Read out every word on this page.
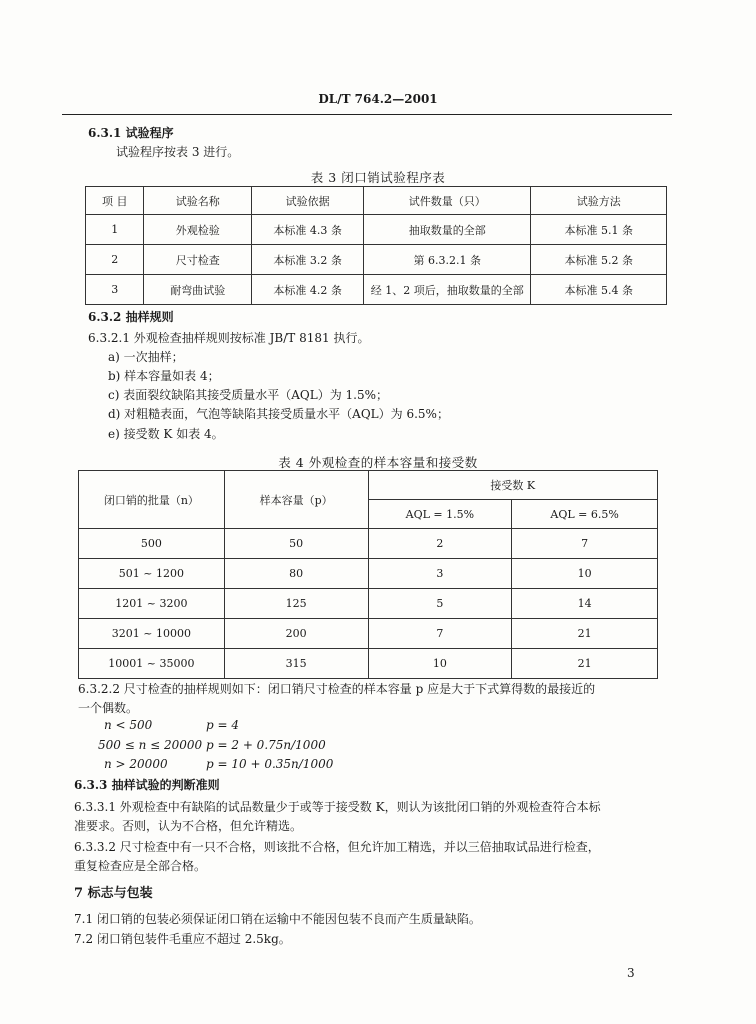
DL/T 764.2—2001
6.3.1 试验程序
试验程序按表 3 进行。
表 3 闭口销试验程序表
项 目	试验名称	试验依据	试件数量（只）	试验方法
1	外观检验	本标准 4.3 条	抽取数量的全部	本标准 5.1 条
2	尺寸检查	本标准 3.2 条	第 6.3.2.1 条	本标准 5.2 条
3	耐弯曲试验	本标准 4.2 条	经 1、2 项后，抽取数量的全部	本标准 5.4 条
6.3.2 抽样规则
6.3.2.1 外观检查抽样规则按标准 JB/T 8181 执行。
a) 一次抽样；
b) 样本容量如表 4；
c) 表面裂纹缺陷其接受质量水平（AQL）为 1.5%；
d) 对粗糙表面，气泡等缺陷其接受质量水平（AQL）为 6.5%；
e) 接受数 K 如表 4。
表 4 外观检查的样本容量和接受数
闭口销的批量（n）	样本容量（p）	接受数 K	
		AQL = 1.5%	AQL = 6.5%
500	50	2	7
501 ~ 1200	80	3	10
1201 ~ 3200	125	5	14
3201 ~ 10000	200	7	21
10001 ~ 35000	315	10	21
6.3.2.2 尺寸检查的抽样规则如下：闭口销尺寸检查的样本容量 p 应是大于下式算得数的最接近的
一个偶数。
n < 500	p = 4
500 ≤ n ≤ 20000 p = 2 + 0.75n/1000
n > 20000	p = 10 + 0.35n/1000
6.3.3 抽样试验的判断准则
6.3.3.1 外观检查中有缺陷的试品数量少于或等于接受数 K，则认为该批闭口销的外观检查符合本标
准要求。否则，认为不合格，但允许精选。
6.3.3.2 尺寸检查中有一只不合格，则该批不合格，但允许加工精选，并以三倍抽取试品进行检查，
重复检查应是全部合格。
7 标志与包装
7.1 闭口销的包装必须保证闭口销在运输中不能因包装不良而产生质量缺陷。
7.2 闭口销包装件毛重应不超过 2.5kg。
3
